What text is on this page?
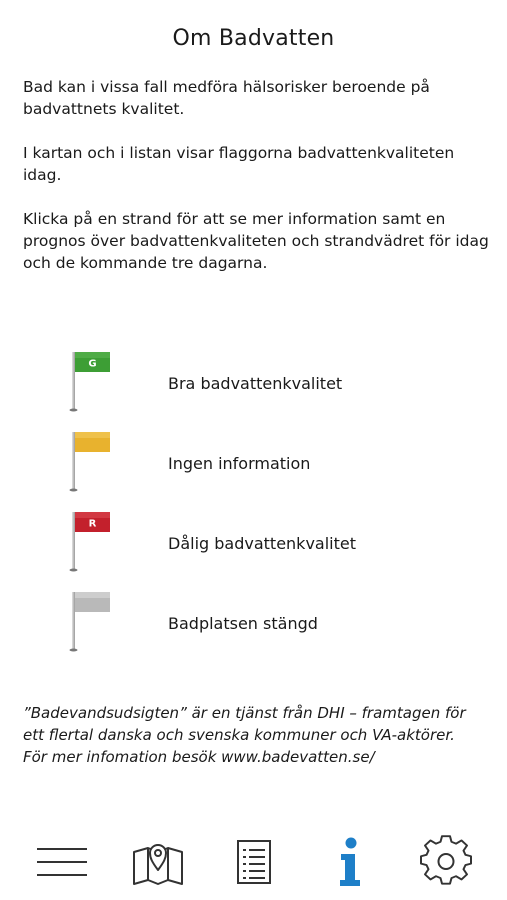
Om Badvatten

Bad kan i vissa fall medföra hälsorisker beroende på badvattnets kvalitet.

I kartan och i listan visar flaggorna badvattenkvaliteten idag.

Klicka på en strand för att se mer information samt en prognos över badvattenkvaliteten och strandvädret för idag och de kommande tre dagarna.

G
Bra badvattenkvalitet
Ingen information
R
Dålig badvattenkvalitet
Badplatsen stängd
”Badevandsudsigten” är en tjänst från DHI – framtagen för
ett flertal danska och svenska kommuner och VA-aktörer.
För mer infomation besök www.badevatten.se/
